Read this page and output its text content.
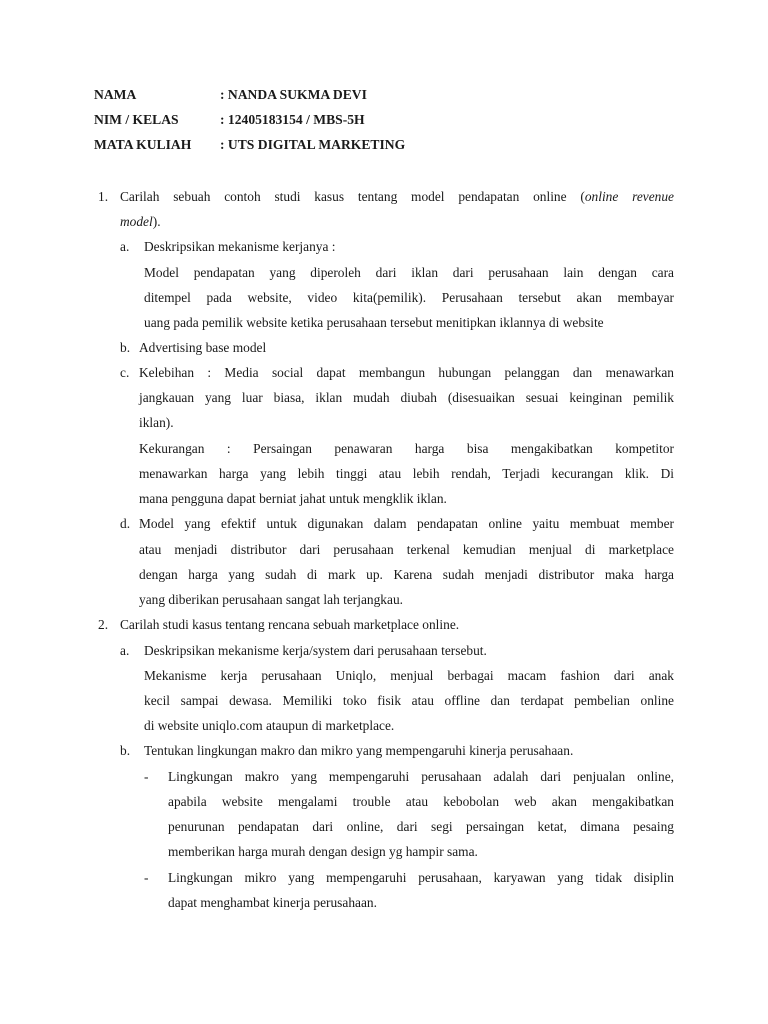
NAMA	: NANDA SUKMA DEVI
NIM / KELAS	: 12405183154 / MBS-5H
MATA KULIAH : UTS DIGITAL MARKETING
1. Carilah sebuah contoh studi kasus tentang model pendapatan online (online revenue
model).
a. Deskripsikan mekanisme kerjanya :
Model pendapatan yang diperoleh dari iklan dari perusahaan lain dengan cara
ditempel pada website, video kita(pemilik). Perusahaan tersebut akan membayar
uang pada pemilik website ketika perusahaan tersebut menitipkan iklannya di website
b. Advertising base model
c. Kelebihan : Media social dapat membangun hubungan pelanggan dan menawarkan
jangkauan yang luar biasa, iklan mudah diubah (disesuaikan sesuai keinginan pemilik
iklan).
Kekurangan : Persaingan penawaran harga bisa mengakibatkan kompetitor
menawarkan harga yang lebih tinggi atau lebih rendah, Terjadi kecurangan klik. Di
mana pengguna dapat berniat jahat untuk mengklik iklan.
d. Model yang efektif untuk digunakan dalam pendapatan online yaitu membuat member
atau menjadi distributor dari perusahaan terkenal kemudian menjual di marketplace
dengan harga yang sudah di mark up. Karena sudah menjadi distributor maka harga
yang diberikan perusahaan sangat lah terjangkau.
2. Carilah studi kasus tentang rencana sebuah marketplace online.
a. Deskripsikan mekanisme kerja/system dari perusahaan tersebut.
Mekanisme kerja perusahaan Uniqlo, menjual berbagai macam fashion dari anak
kecil sampai dewasa. Memiliki toko fisik atau offline dan terdapat pembelian online
di website uniqlo.com ataupun di marketplace.
b. Tentukan lingkungan makro dan mikro yang mempengaruhi kinerja perusahaan.
- Lingkungan makro yang mempengaruhi perusahaan adalah dari penjualan online,
apabila website mengalami trouble atau kebobolan web akan mengakibatkan
penurunan pendapatan dari online, dari segi persaingan ketat, dimana pesaing
memberikan harga murah dengan design yg hampir sama.
- Lingkungan mikro yang mempengaruhi perusahaan, karyawan yang tidak disiplin
dapat menghambat kinerja perusahaan.
